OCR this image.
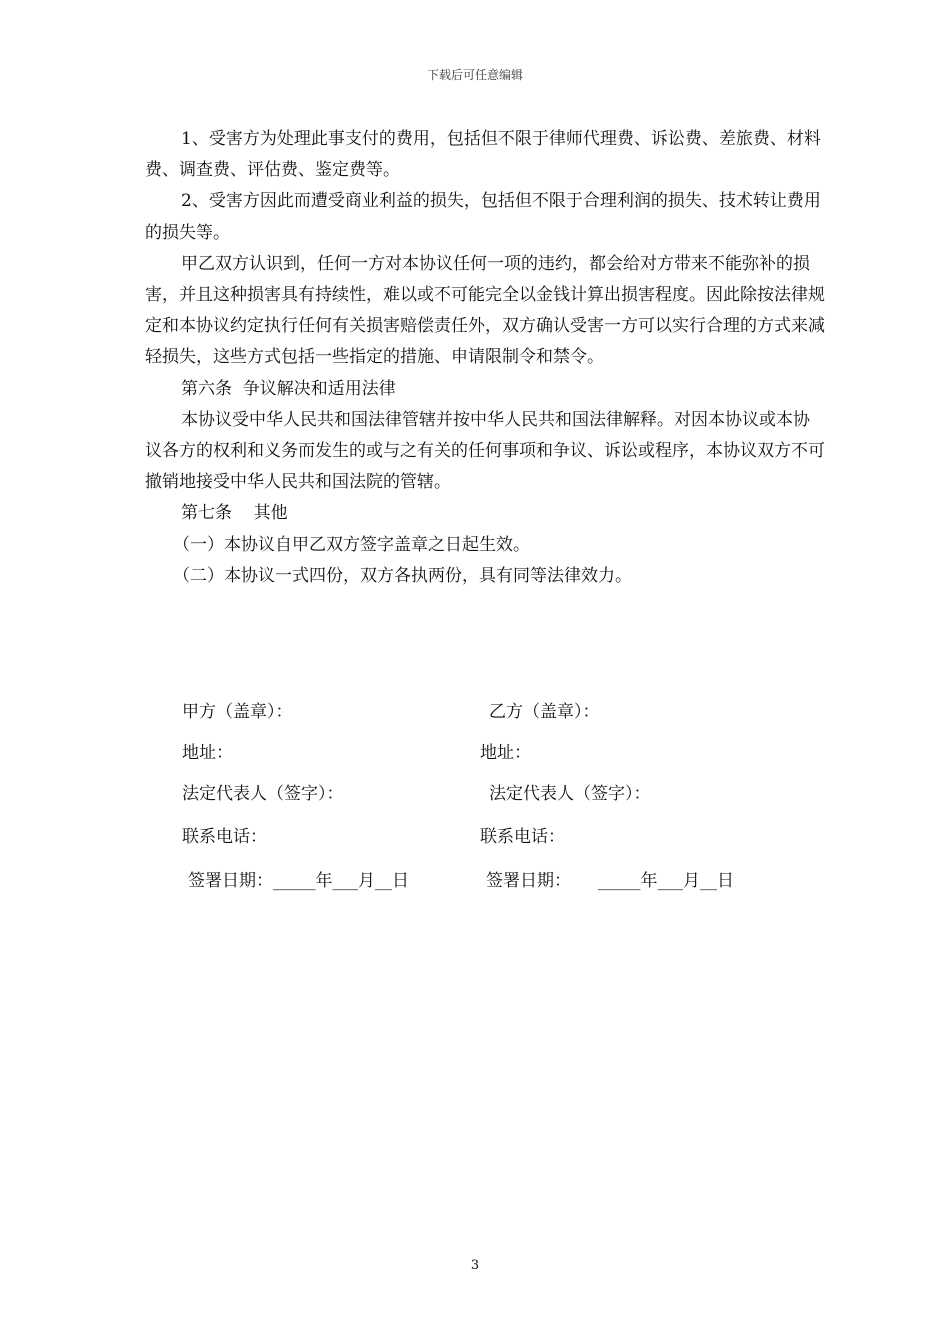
下载后可任意编辑

1、受害方为处理此事支付的费用，包括但不限于律师代理费、诉讼费、差旅费、材料费、调查费、评估费、鉴定费等。

2、受害方因此而遭受商业利益的损失，包括但不限于合理利润的损失、技术转让费用的损失等。

甲乙双方认识到，任何一方对本协议任何一项的违约，都会给对方带来不能弥补的损害，并且这种损害具有持续性，难以或不可能完全以金钱计算出损害程度。因此除按法律规定和本协议约定执行任何有关损害赔偿责任外，双方确认受害一方可以实行合理的方式来减轻损失，这些方式包括一些指定的措施、申请限制令和禁令。

第六条  争议解决和适用法律

本协议受中华人民共和国法律管辖并按中华人民共和国法律解释。对因本协议或本协议各方的权利和义务而发生的或与之有关的任何事项和争议、诉讼或程序，本协议双方不可撤销地接受中华人民共和国法院的管辖。

第七条    其他

（一）本协议自甲乙双方签字盖章之日起生效。

（二）本协议一式四份，双方各执两份，具有同等法律效力。

甲方（盖章）：
地址：
法定代表人（签字）：
联系电话：
签署日期：_____年___月__日
乙方（盖章）：
地址：
法定代表人（签字）：
联系电话：
签署日期：     _____年___月__日
3
